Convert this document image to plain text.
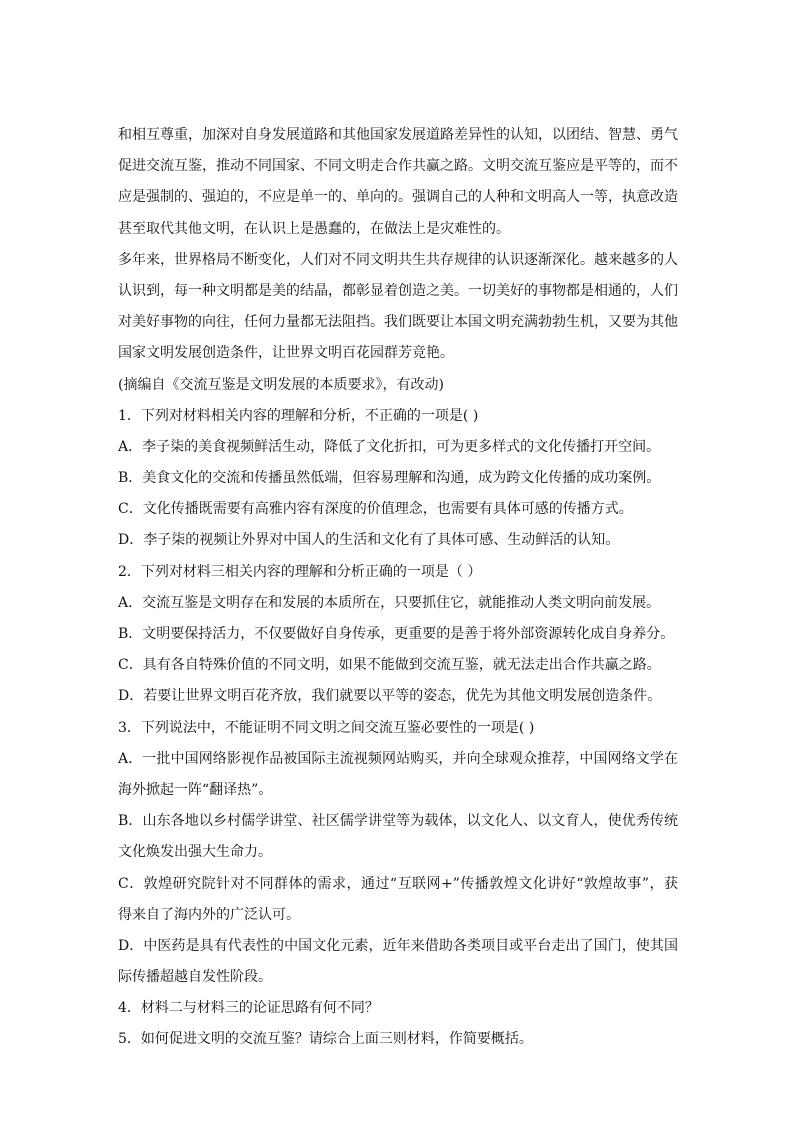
和相互尊重，加深对自身发展道路和其他国家发展道路差异性的认知，以团结、智慧、勇气
促进交流互鉴，推动不同国家、不同文明走合作共赢之路。文明交流互鉴应是平等的，而不
应是强制的、强迫的，不应是单一的、单向的。强调自己的人种和文明高人一等，执意改造
甚至取代其他文明，在认识上是愚蠢的，在做法上是灾难性的。
多年来，世界格局不断变化，人们对不同文明共生共存规律的认识逐渐深化。越来越多的人
认识到，每一种文明都是美的结晶，都彰显着创造之美。一切美好的事物都是相通的，人们
对美好事物的向往，任何力量都无法阻挡。我们既要让本国文明充满勃勃生机，又要为其他
国家文明发展创造条件，让世界文明百花园群芳竞艳。
(摘编自《交流互鉴是文明发展的本质要求》，有改动)
1．下列对材料相关内容的理解和分析，不正确的一项是( )
A．李子柒的美食视频鲜活生动，降低了文化折扣，可为更多样式的文化传播打开空间。
B．美食文化的交流和传播虽然低端，但容易理解和沟通，成为跨文化传播的成功案例。
C．文化传播既需要有高雅内容有深度的价值理念，也需要有具体可感的传播方式。
D．李子柒的视频让外界对中国人的生活和文化有了具体可感、生动鲜活的认知。
2．下列对材料三相关内容的理解和分析正确的一项是（ ）
A．交流互鉴是文明存在和发展的本质所在，只要抓住它，就能推动人类文明向前发展。
B．文明要保持活力，不仅要做好自身传承，更重要的是善于将外部资源转化成自身养分。
C．具有各自特殊价值的不同文明，如果不能做到交流互鉴，就无法走出合作共赢之路。
D．若要让世界文明百花齐放，我们就要以平等的姿态，优先为其他文明发展创造条件。
3．下列说法中，不能证明不同文明之间交流互鉴必要性的一项是( )
A．一批中国网络影视作品被国际主流视频网站购买，并向全球观众推荐，中国网络文学在
海外掀起一阵“翻译热”。
B．山东各地以乡村儒学讲堂、社区儒学讲堂等为载体，以文化人、以文育人，使优秀传统
文化焕发出强大生命力。
C．敦煌研究院针对不同群体的需求，通过“互联网+”传播敦煌文化讲好“敦煌故事”，获
得来自了海内外的广泛认可。
D．中医药是具有代表性的中国文化元素，近年来借助各类项目或平台走出了国门，使其国
际传播超越自发性阶段。
4．材料二与材料三的论证思路有何不同？
5．如何促进文明的交流互鉴？请综合上面三则材料，作简要概括。
